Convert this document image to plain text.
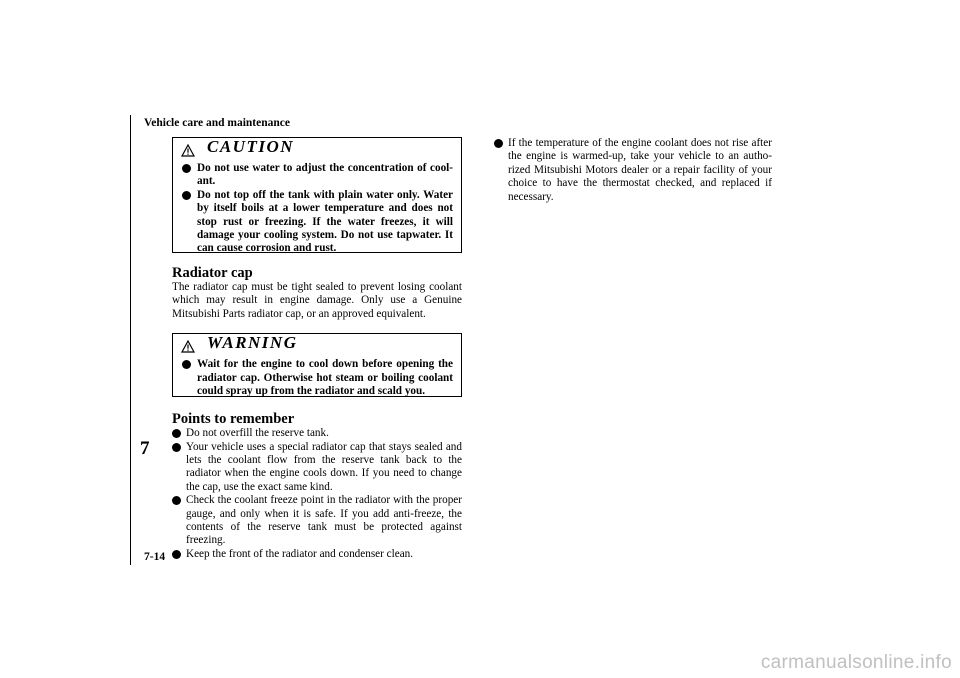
Vehicle care and maintenance
7
7-14
CAUTION
Do not use water to adjust the concentration of cool-ant.
Do not top off the tank with plain water only. Water by itself boils at a lower temperature and does not stop rust or freezing. If the water freezes, it will damage your cooling system. Do not use tapwater. It can cause corrosion and rust.
Radiator cap
The radiator cap must be tight sealed to prevent losing coolant which may result in engine damage. Only use a Genuine Mitsubishi Parts radiator cap, or an approved equivalent.
WARNING
Wait for the engine to cool down before opening the radiator cap. Otherwise hot steam or boiling coolant could spray up from the radiator and scald you.
Points to remember
Do not overfill the reserve tank.
Your vehicle uses a special radiator cap that stays sealed and lets the coolant flow from the reserve tank back to the radiator when the engine cools down. If you need to change the cap, use the exact same kind.
Check the coolant freeze point in the radiator with the proper gauge, and only when it is safe. If you add anti-freeze, the contents of the reserve tank must be protected against freezing.
Keep the front of the radiator and condenser clean.
If the temperature of the engine coolant does not rise after the engine is warmed-up, take your vehicle to an autho-rized Mitsubishi Motors dealer or a repair facility of your choice to have the thermostat checked, and replaced if necessary.
carmanualsonline.info
